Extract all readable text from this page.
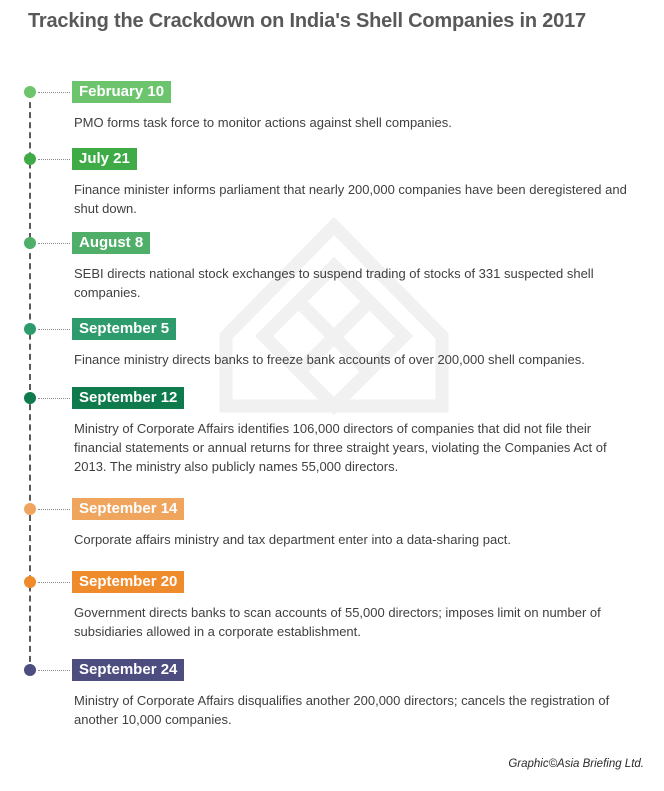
Tracking the Crackdown on India's Shell Companies in 2017
February 10
PMO forms task force to monitor actions against shell companies.
July 21
Finance minister informs parliament that nearly 200,000 companies have been deregistered and shut down.
August 8
SEBI directs national stock exchanges to suspend trading of stocks of 331 suspected shell companies.
September 5
Finance ministry directs banks to freeze bank accounts of over 200,000 shell companies.
September 12
Ministry of Corporate Affairs identifies 106,000 directors of companies that did not file their financial statements or annual returns for three straight years, violating the Companies Act of 2013. The ministry also publicly names 55,000 directors.
September 14
Corporate affairs ministry and tax department enter into a data-sharing pact.
September 20
Government directs banks to scan accounts of 55,000 directors; imposes limit on number of subsidiaries allowed in a corporate establishment.
September 24
Ministry of Corporate Affairs disqualifies another 200,000 directors; cancels the registration of another 10,000 companies.
Graphic©Asia Briefing Ltd.
